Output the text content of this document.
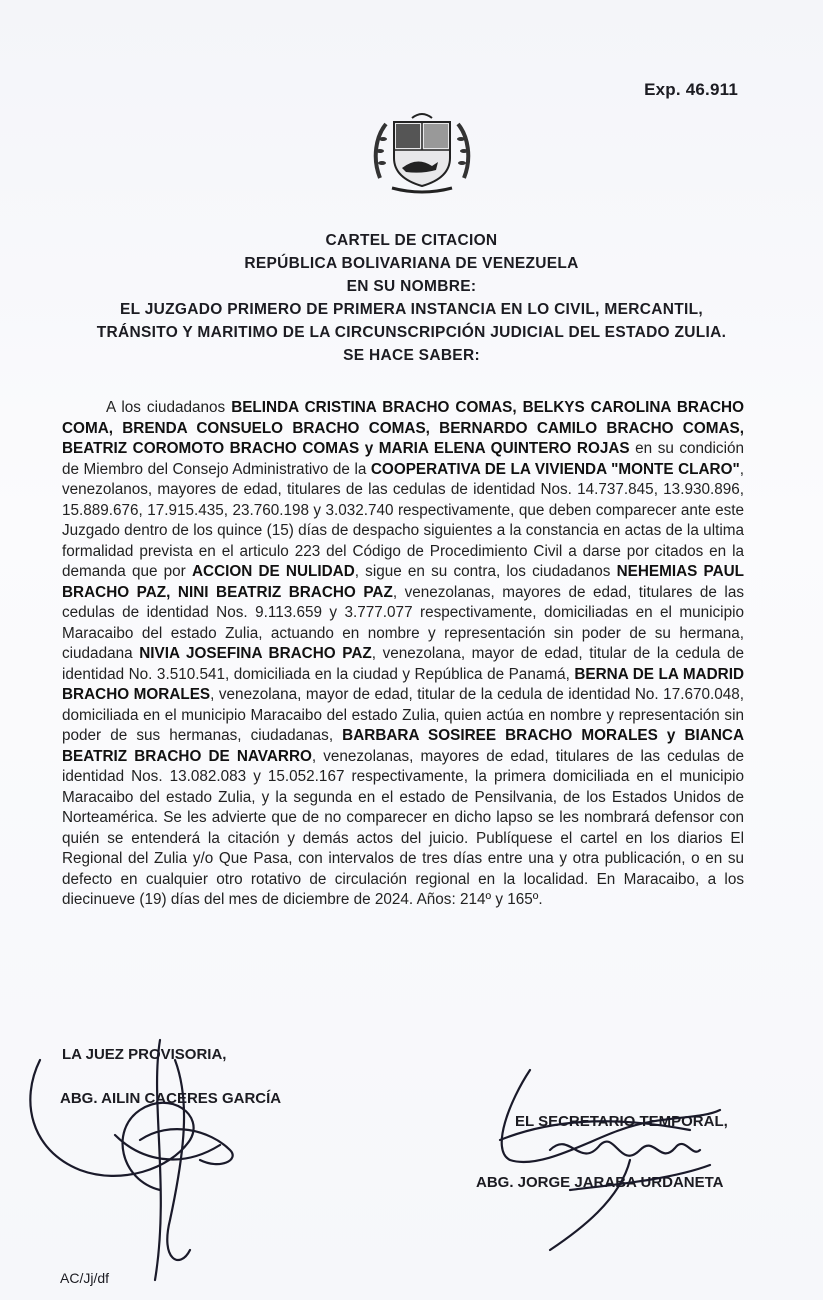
Exp. 46.911
CARTEL DE CITACION
REPÚBLICA BOLIVARIANA DE VENEZUELA
EN SU NOMBRE:
EL JUZGADO PRIMERO DE PRIMERA INSTANCIA EN LO CIVIL, MERCANTIL,
TRÁNSITO Y MARITIMO DE LA CIRCUNSCRIPCIÓN JUDICIAL DEL ESTADO ZULIA.
SE HACE SABER:
A los ciudadanos BELINDA CRISTINA BRACHO COMAS, BELKYS CAROLINA BRACHO COMA, BRENDA CONSUELO BRACHO COMAS, BERNARDO CAMILO BRACHO COMAS, BEATRIZ COROMOTO BRACHO COMAS y MARIA ELENA QUINTERO ROJAS en su condición de Miembro del Consejo Administrativo de la COOPERATIVA DE LA VIVIENDA "MONTE CLARO", venezolanos, mayores de edad, titulares de las cedulas de identidad Nos. 14.737.845, 13.930.896, 15.889.676, 17.915.435, 23.760.198 y 3.032.740 respectivamente, que deben comparecer ante este Juzgado dentro de los quince (15) días de despacho siguientes a la constancia en actas de la ultima formalidad prevista en el articulo 223 del Código de Procedimiento Civil a darse por citados en la demanda que por ACCION DE NULIDAD, sigue en su contra, los ciudadanos NEHEMIAS PAUL BRACHO PAZ, NINI BEATRIZ BRACHO PAZ, venezolanas, mayores de edad, titulares de las cedulas de identidad Nos. 9.113.659 y 3.777.077 respectivamente, domiciliadas en el municipio Maracaibo del estado Zulia, actuando en nombre y representación sin poder de su hermana, ciudadana NIVIA JOSEFINA BRACHO PAZ, venezolana, mayor de edad, titular de la cedula de identidad No. 3.510.541, domiciliada en la ciudad y República de Panamá, BERNA DE LA MADRID BRACHO MORALES, venezolana, mayor de edad, titular de la cedula de identidad No. 17.670.048, domiciliada en el municipio Maracaibo del estado Zulia, quien actúa en nombre y representación sin poder de sus hermanas, ciudadanas, BARBARA SOSIREE BRACHO MORALES y BIANCA BEATRIZ BRACHO DE NAVARRO, venezolanas, mayores de edad, titulares de las cedulas de identidad Nos. 13.082.083 y 15.052.167 respectivamente, la primera domiciliada en el municipio Maracaibo del estado Zulia, y la segunda en el estado de Pensilvania, de los Estados Unidos de Norteamérica. Se les advierte que de no comparecer en dicho lapso se les nombrará defensor con quién se entenderá la citación y demás actos del juicio. Publíquese el cartel en los diarios El Regional del Zulia y/o Que Pasa, con intervalos de tres días entre una y otra publicación, o en su defecto en cualquier otro rotativo de circulación regional en la localidad. En Maracaibo, a los diecinueve (19) días del mes de diciembre de 2024. Años: 214º y 165º.
LA JUEZ PROVISORIA,
ABG. AILIN CACERES GARCÍA
EL SECRETARIO TEMPORAL,
ABG. JORGE JARABA URDANETA
AC/Jj/df
